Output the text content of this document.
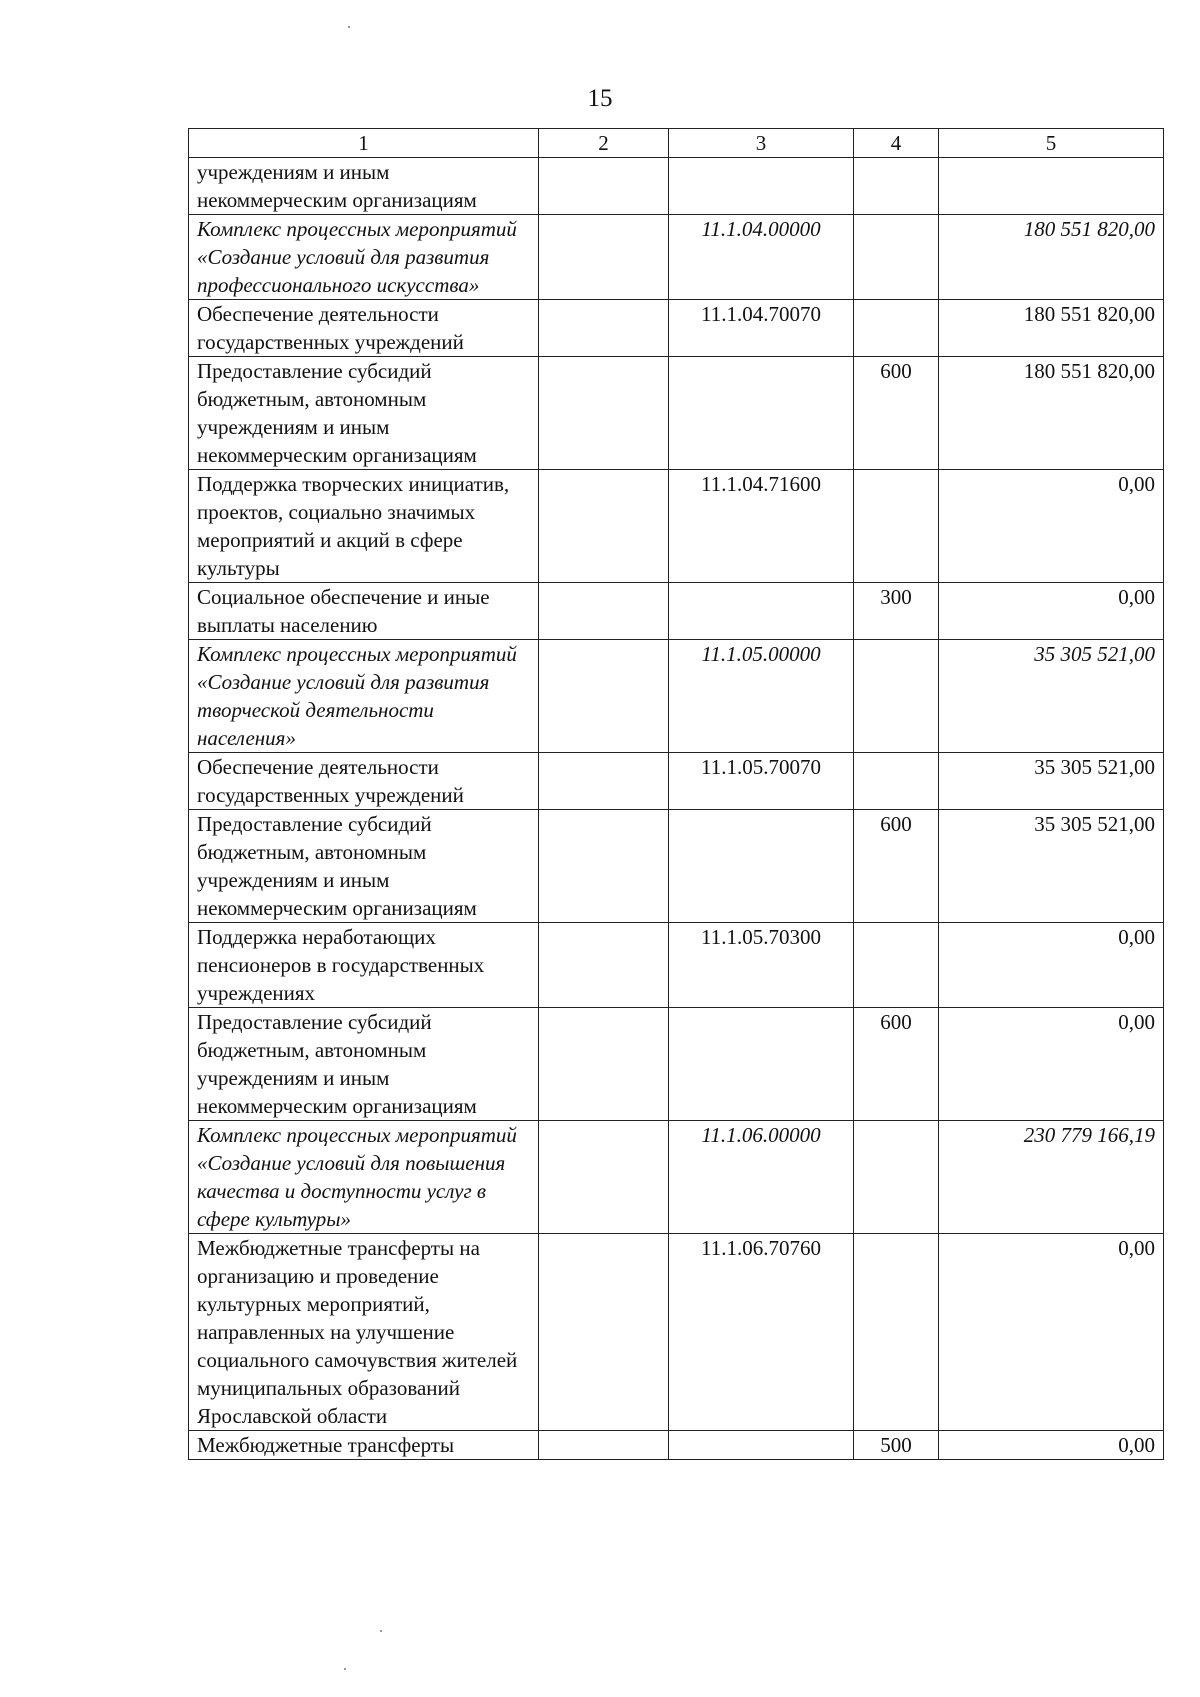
15
1	2	3	4	5
учреждениям и иным некоммерческим организациям				
Комплекс процессных мероприятий «Создание условий для развития профессионального искусства»		11.1.04.00000		180 551 820,00
Обеспечение деятельности государственных учреждений		11.1.04.70070		180 551 820,00
Предоставление субсидий бюджетным, автономным учреждениям и иным некоммерческим организациям			600	180 551 820,00
Поддержка творческих инициатив, проектов, социально значимых мероприятий и акций в сфере культуры		11.1.04.71600		0,00
Социальное обеспечение и иные выплаты населению			300	0,00
Комплекс процессных мероприятий «Создание условий для развития творческой деятельности населения»		11.1.05.00000		35 305 521,00
Обеспечение деятельности государственных учреждений		11.1.05.70070		35 305 521,00
Предоставление субсидий бюджетным, автономным учреждениям и иным некоммерческим организациям			600	35 305 521,00
Поддержка неработающих пенсионеров в государственных учреждениях		11.1.05.70300		0,00
Предоставление субсидий бюджетным, автономным учреждениям и иным некоммерческим организациям			600	0,00
Комплекс процессных мероприятий «Создание условий для повышения качества и доступности услуг в сфере культуры»		11.1.06.00000		230 779 166,19
Межбюджетные трансферты на организацию и проведение культурных мероприятий, направленных на улучшение социального самочувствия жителей муниципальных образований Ярославской области		11.1.06.70760		0,00
Межбюджетные трансферты			500	0,00
